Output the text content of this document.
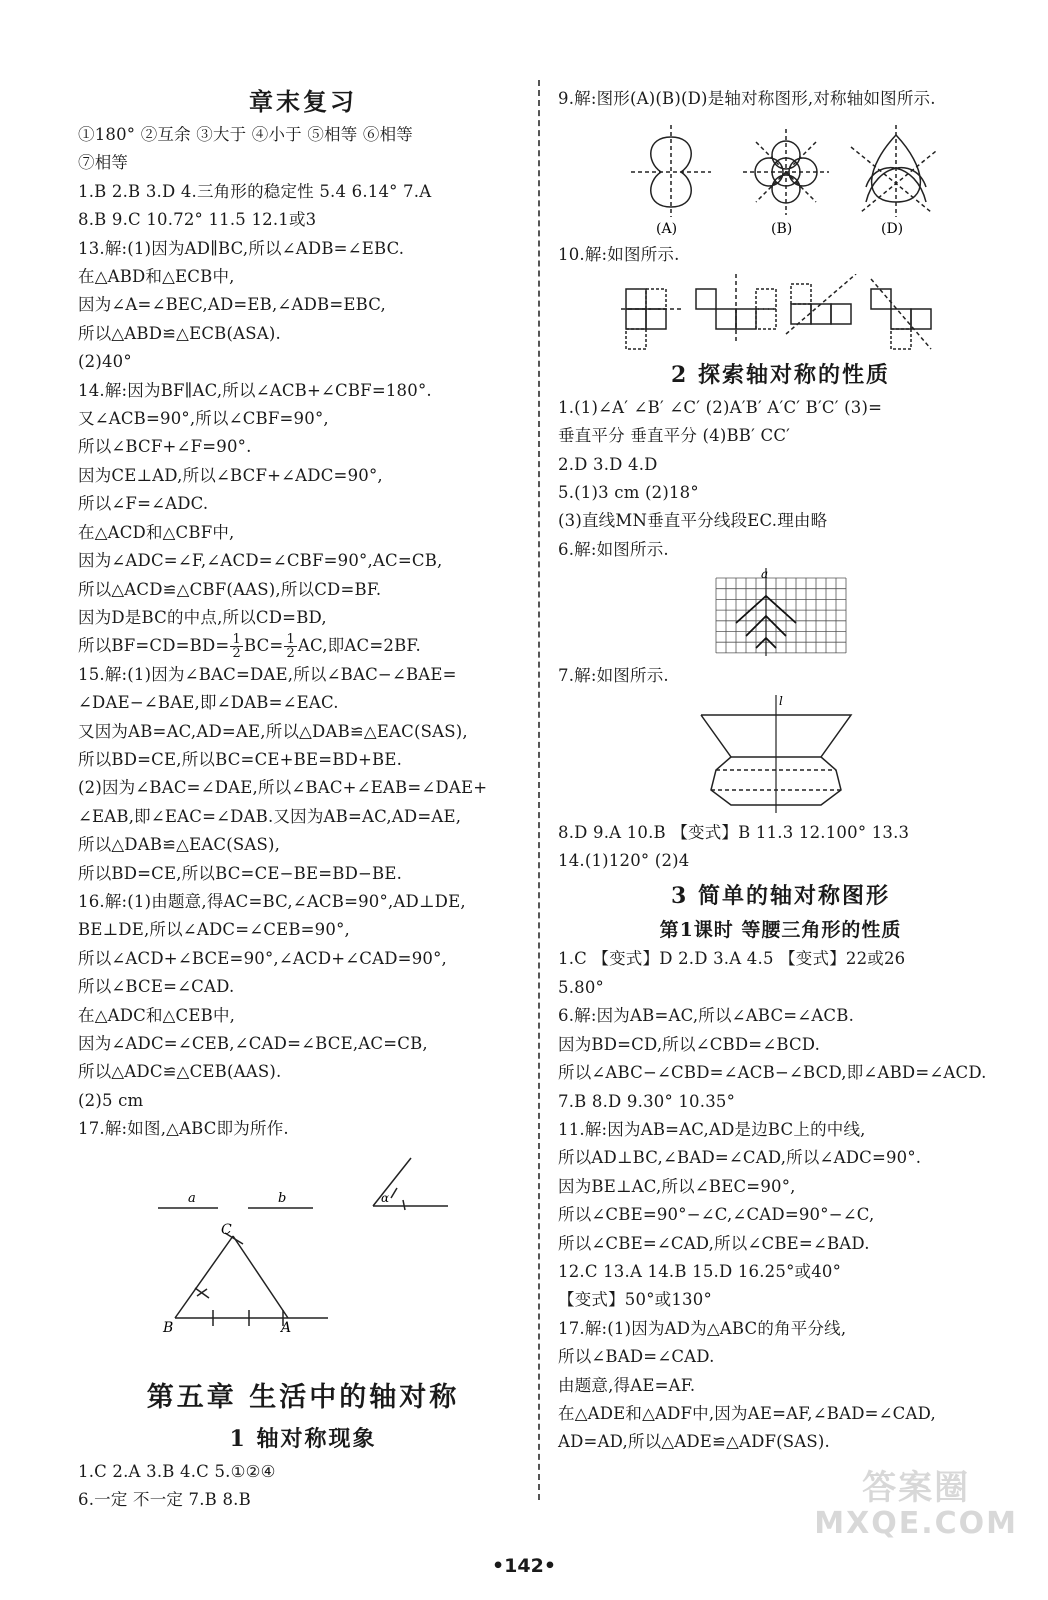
章末复习
①180° ②互余 ③大于 ④小于 ⑤相等 ⑥相等
⑦相等
1.B 2.B 3.D 4.三角形的稳定性 5.4 6.14° 7.A
8.B 9.C 10.72° 11.5 12.1或3
13.解:(1)因为AD∥BC,所以∠ADB=∠EBC.
在△ABD和△ECB中,
因为∠A=∠BEC,AD=EB,∠ADB=EBC,
所以△ABD≌△ECB(ASA).
(2)40°
14.解:因为BF∥AC,所以∠ACB+∠CBF=180°.
又∠ACB=90°,所以∠CBF=90°,
所以∠BCF+∠F=90°.
因为CE⊥AD,所以∠BCF+∠ADC=90°,
所以∠F=∠ADC.
在△ACD和△CBF中,
因为∠ADC=∠F,∠ACD=∠CBF=90°,AC=CB,
所以△ACD≌△CBF(AAS),所以CD=BF.
因为D是BC的中点,所以CD=BD,
所以$BF=CD=BD= \frac{1}{2} BC= \frac{1}{2}$ AC,即AC=2BF.
15.解:(1)因为∠BAC=DAE,所以∠BAC−∠BAE=
∠DAE−∠BAE,即∠DAB=∠EAC.
又因为AB=AC,AD=AE,所以△DAB≌△EAC(SAS),
所以BD=CE,所以BC=CE+BE=BD+BE.
(2)因为∠BAC=∠DAE,所以∠BAC+∠EAB=∠DAE+
∠EAB,即∠EAC=∠DAB.又因为AB=AC,AD=AE,
所以△DAB≌△EAC(SAS),
所以BD=CE,所以BC=CE−BE=BD−BE.
16.解:(1)由题意,得AC=BC,∠ACB=90°,AD⊥DE,
BE⊥DE,所以∠ADC=∠CEB=90°,
所以∠ACD+∠BCE=90°,∠ACD+∠CAD=90°,
所以∠BCE=∠CAD.
在△ADC和△CEB中,
因为∠ADC=∠CEB,∠CAD=∠BCE,AC=CB,
所以△ADC≌△CEB(AAS).
(2)5 cm
17.解:如图,△ABC即为所作.
a	b	α
C
B	A
第五章 生活中的轴对称
1 轴对称现象
1.C 2.A 3.B 4.C 5.①②④
6.一定 不一定 7.B 8.B
9.解:图形(A)(B)(D)是轴对称图形,对称轴如图所示.
(A)	(B)	(D)
10.解:如图所示.
2 探索轴对称的性质
1.(1)∠A′ ∠B′ ∠C′ (2)A′B′ A′C′ B′C′ (3)=
垂直平分 垂直平分 (4)BB′ CC′
2.D 3.D 4.D
5.(1)3 cm (2)18°
(3)直线MN垂直平分线段EC.理由略
6.解:如图所示.
a
7.解:如图所示.
l
8.D 9.A 10.B 【变式】B 11.3 12.100° 13.3
14.(1)120° (2)4
3 简单的轴对称图形
第1课时 等腰三角形的性质
1.C 【变式】D 2.D 3.A 4.5 【变式】22或26
5.80°
6.解:因为AB=AC,所以∠ABC=∠ACB.
因为BD=CD,所以∠CBD=∠BCD.
所以∠ABC−∠CBD=∠ACB−∠BCD,即∠ABD=∠ACD.
7.B 8.D 9.30° 10.35°
11.解:因为AB=AC,AD是边BC上的中线,
所以AD⊥BC,∠BAD=∠CAD,所以∠ADC=90°.
因为BE⊥AC,所以∠BEC=90°,
所以∠CBE=90°−∠C,∠CAD=90°−∠C,
所以∠CBE=∠CAD,所以∠CBE=∠BAD.
12.C 13.A 14.B 15.D 16.25°或40°
【变式】50°或130°
17.解:(1)因为AD为△ABC的角平分线,
所以∠BAD=∠CAD.
由题意,得AE=AF.
在△ADE和△ADF中,因为AE=AF,∠BAD=∠CAD,
AD=AD,所以△ADE≌△ADF(SAS).
•142•
答案圈
MXQE.COM
